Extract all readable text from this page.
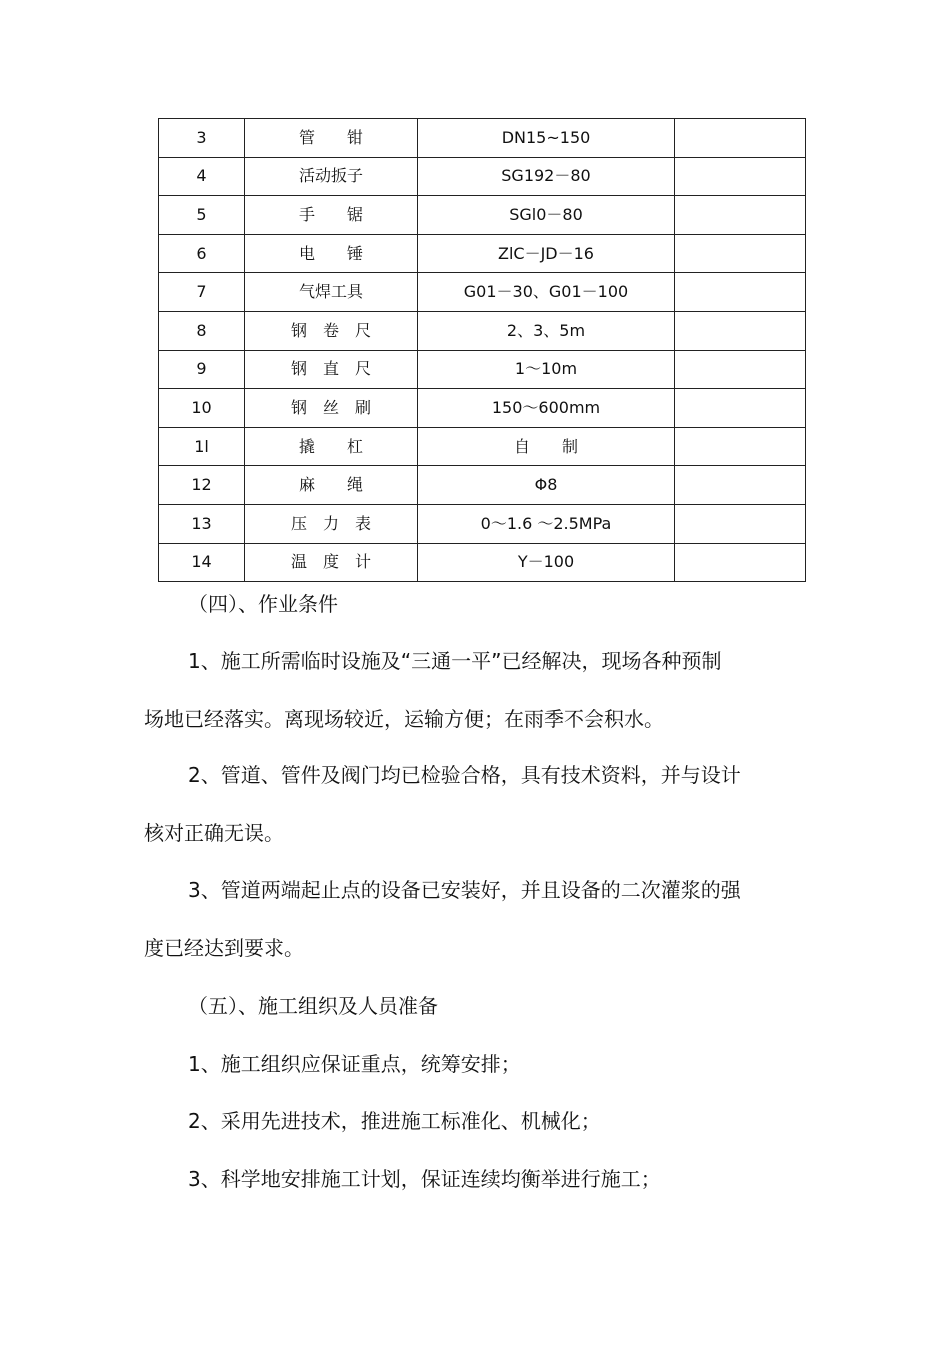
3	管　　钳	DN15~150	
4	活动扳子	SG192－80	
5	手　　锯	SGl0－80	
6	电　　锤	ZlC－JD－16	
7	气焊工具	G01－30、G01－100	
8	钢　卷　尺	2、3、5m	
9	钢　直　尺	1～10m	
10	钢　丝　刷	150～600mm	
1l	撬　　杠	自　　制	
12	麻　　绳	Φ8	
13	压　力　表	0～1.6 ～2.5MPa	
14	温　度　计	Y－100	

（四）、作业条件

1、施工所需临时设施及“三通一平”已经解决，现场各种预制

场地已经落实。离现场较近，运输方便；在雨季不会积水。

2、管道、管件及阀门均已检验合格，具有技术资料，并与设计

核对正确无误。

3、管道两端起止点的设备已安装好，并且设备的二次灌浆的强

度已经达到要求。

（五）、施工组织及人员准备

1、施工组织应保证重点，统筹安排；

2、采用先进技术，推进施工标准化、机械化；

3、科学地安排施工计划，保证连续均衡举进行施工；
